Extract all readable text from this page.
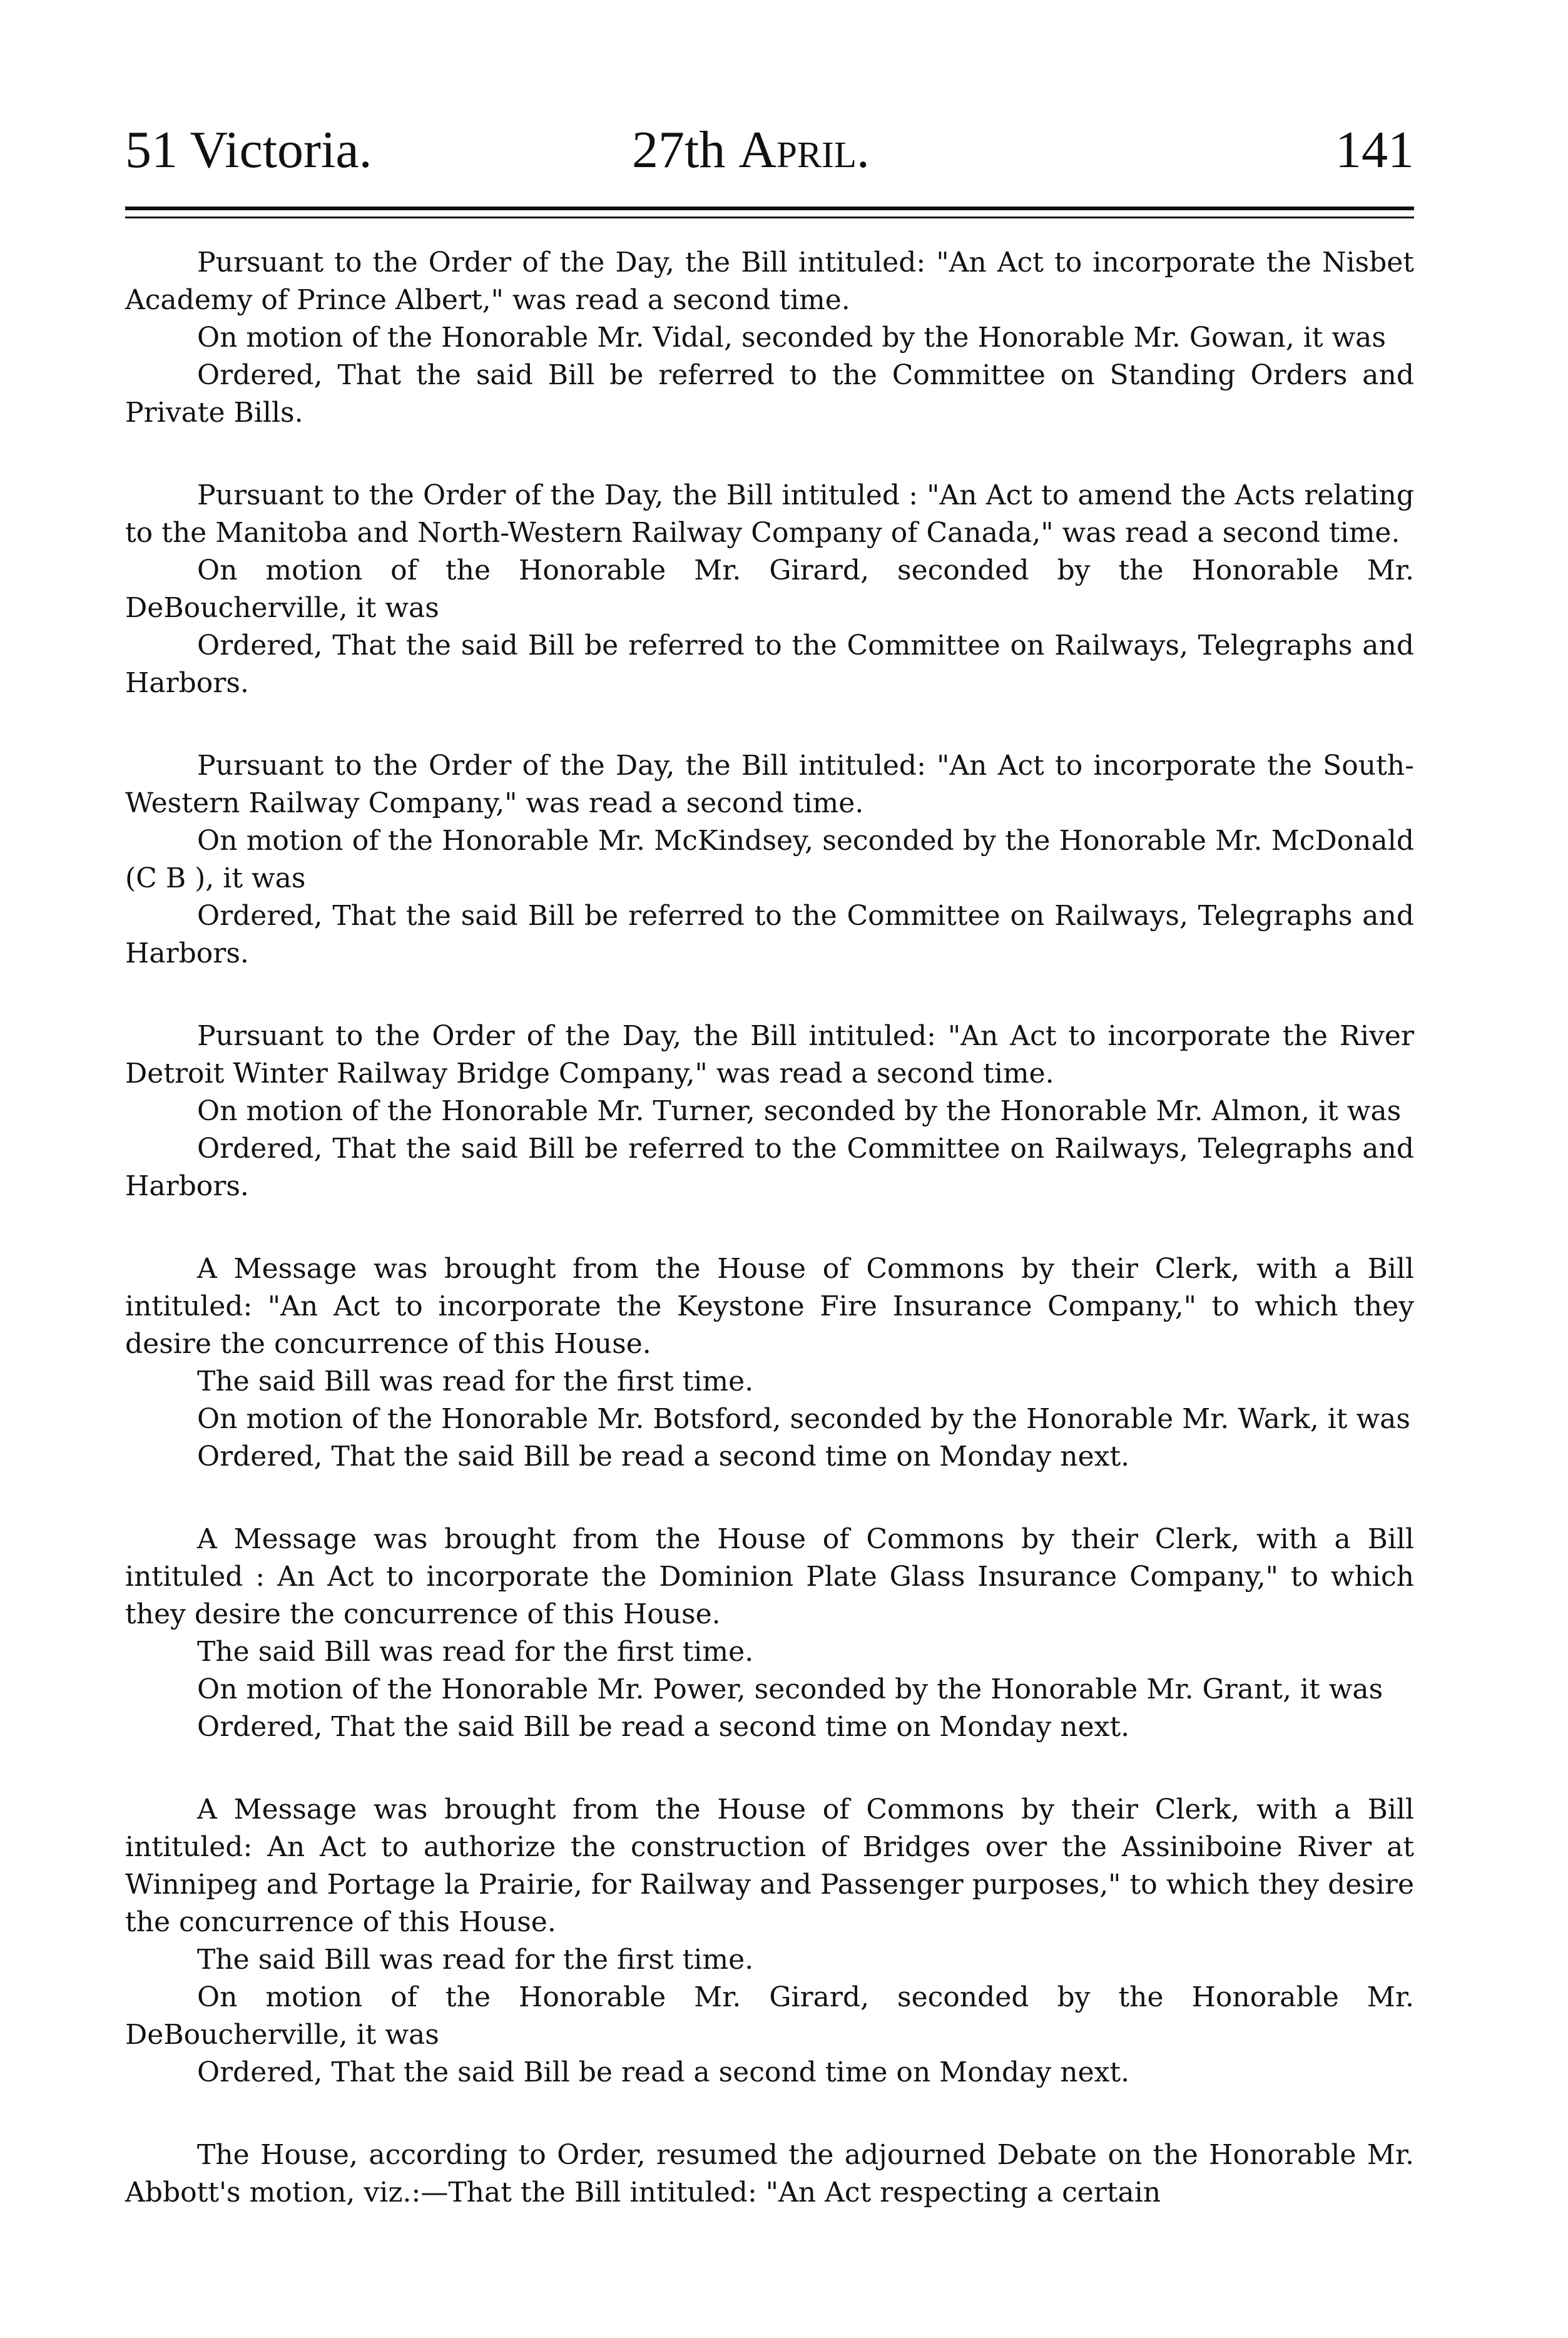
51 Victoria.	27th April.	141

Pursuant to the Order of the Day, the Bill intituled: "An Act to incorporate the Nisbet Academy of Prince Albert," was read a second time.

On motion of the Honorable Mr. Vidal, seconded by the Honorable Mr. Gowan, it was

Ordered, That the said Bill be referred to the Committee on Standing Orders and Private Bills.

Pursuant to the Order of the Day, the Bill intituled : "An Act to amend the Acts relating to the Manitoba and North-Western Railway Company of Canada," was read a second time.

On motion of the Honorable Mr. Girard, seconded by the Honorable Mr. DeBoucherville, it was

Ordered, That the said Bill be referred to the Committee on Railways, Telegraphs and Harbors.

Pursuant to the Order of the Day, the Bill intituled: "An Act to incorporate the South-Western Railway Company," was read a second time.

On motion of the Honorable Mr. McKindsey, seconded by the Honorable Mr. McDonald (C B ), it was

Ordered, That the said Bill be referred to the Committee on Railways, Telegraphs and Harbors.

Pursuant to the Order of the Day, the Bill intituled: "An Act to incorporate the River Detroit Winter Railway Bridge Company," was read a second time.

On motion of the Honorable Mr. Turner, seconded by the Honorable Mr. Almon, it was

Ordered, That the said Bill be referred to the Committee on Railways, Telegraphs and Harbors.

A Message was brought from the House of Commons by their Clerk, with a Bill intituled: "An Act to incorporate the Keystone Fire Insurance Company," to which they desire the concurrence of this House.

The said Bill was read for the first time.

On motion of the Honorable Mr. Botsford, seconded by the Honorable Mr. Wark, it was

Ordered, That the said Bill be read a second time on Monday next.

A Message was brought from the House of Commons by their Clerk, with a Bill intituled : An Act to incorporate the Dominion Plate Glass Insurance Company," to which they desire the concurrence of this House.

The said Bill was read for the first time.

On motion of the Honorable Mr. Power, seconded by the Honorable Mr. Grant, it was

Ordered, That the said Bill be read a second time on Monday next.

A Message was brought from the House of Commons by their Clerk, with a Bill intituled: An Act to authorize the construction of Bridges over the Assiniboine River at Winnipeg and Portage la Prairie, for Railway and Passenger purposes," to which they desire the concurrence of this House.

The said Bill was read for the first time.

On motion of the Honorable Mr. Girard, seconded by the Honorable Mr. DeBoucherville, it was

Ordered, That the said Bill be read a second time on Monday next.

The House, according to Order, resumed the adjourned Debate on the Honorable Mr. Abbott's motion, viz.:—That the Bill intituled: "An Act respecting a certain
